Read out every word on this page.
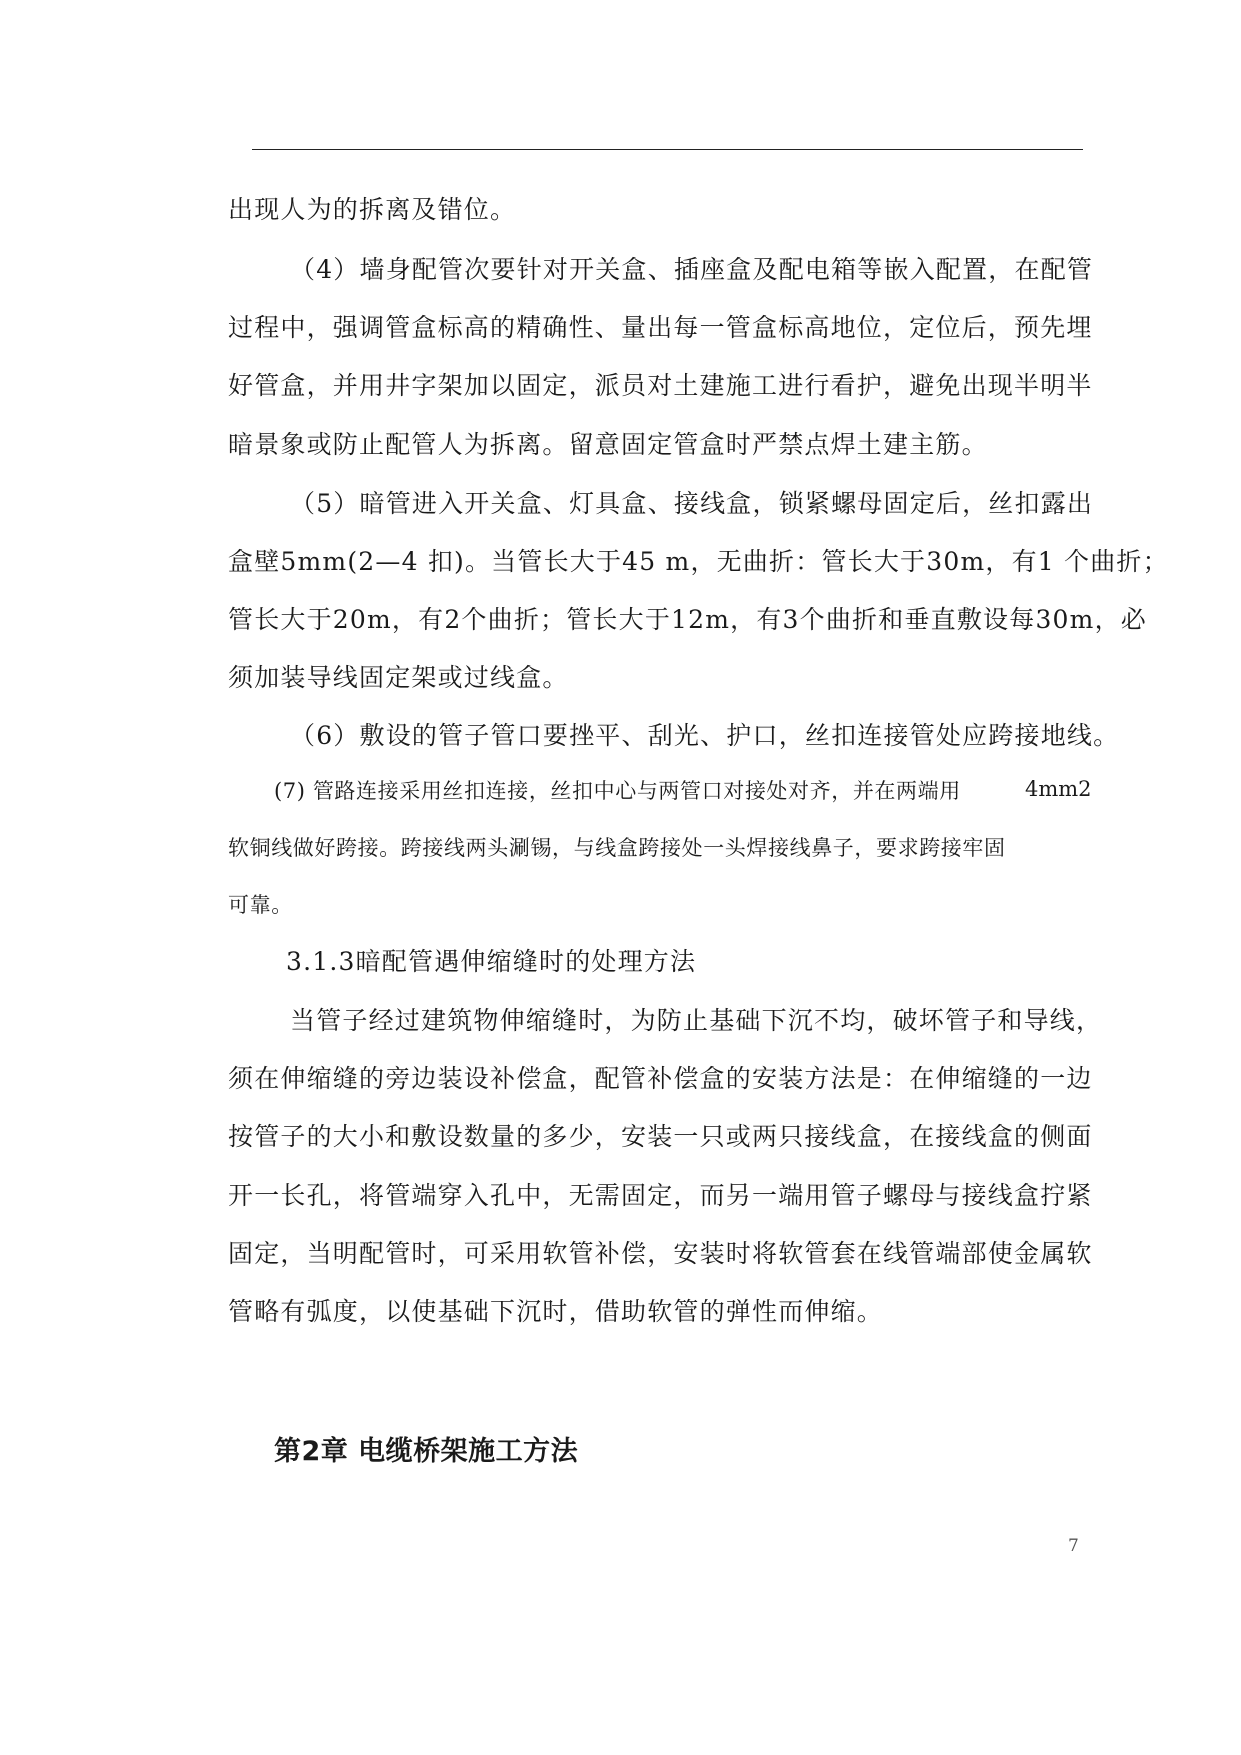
出现人为的拆离及错位。
（4）墙身配管次要针对开关盒、插座盒及配电箱等嵌入配置，在配管
过程中，强调管盒标高的精确性、量出每一管盒标高地位，定位后，预先埋
好管盒，并用井字架加以固定，派员对土建施工进行看护，避免出现半明半
暗景象或防止配管人为拆离。留意固定管盒时严禁点焊土建主筋。
（5）暗管进入开关盒、灯具盒、接线盒，锁紧螺母固定后，丝扣露出
盒壁5mm(2—4 扣)。当管长大于45 m，无曲折：管长大于30m，有1 个曲折；
管长大于20m，有2个曲折；管长大于12m，有3个曲折和垂直敷设每30m，必
须加装导线固定架或过线盒。
（6）敷设的管子管口要挫平、刮光、护口，丝扣连接管处应跨接地线。
(7) 管路连接采用丝扣连接，丝扣中心与两管口对接处对齐，并在两端用	4mm2
软铜线做好跨接。跨接线两头涮锡，与线盒跨接处一头焊接线鼻子，要求跨接牢固
可靠。
3.1.3暗配管遇伸缩缝时的处理方法
当管子经过建筑物伸缩缝时，为防止基础下沉不均，破坏管子和导线，
须在伸缩缝的旁边装设补偿盒，配管补偿盒的安装方法是：在伸缩缝的一边
按管子的大小和敷设数量的多少，安装一只或两只接线盒，在接线盒的侧面
开一长孔，将管端穿入孔中，无需固定，而另一端用管子螺母与接线盒拧紧
固定，当明配管时，可采用软管补偿，安装时将软管套在线管端部使金属软
管略有弧度，以使基础下沉时，借助软管的弹性而伸缩。
第2章 电缆桥架施工方法
7
